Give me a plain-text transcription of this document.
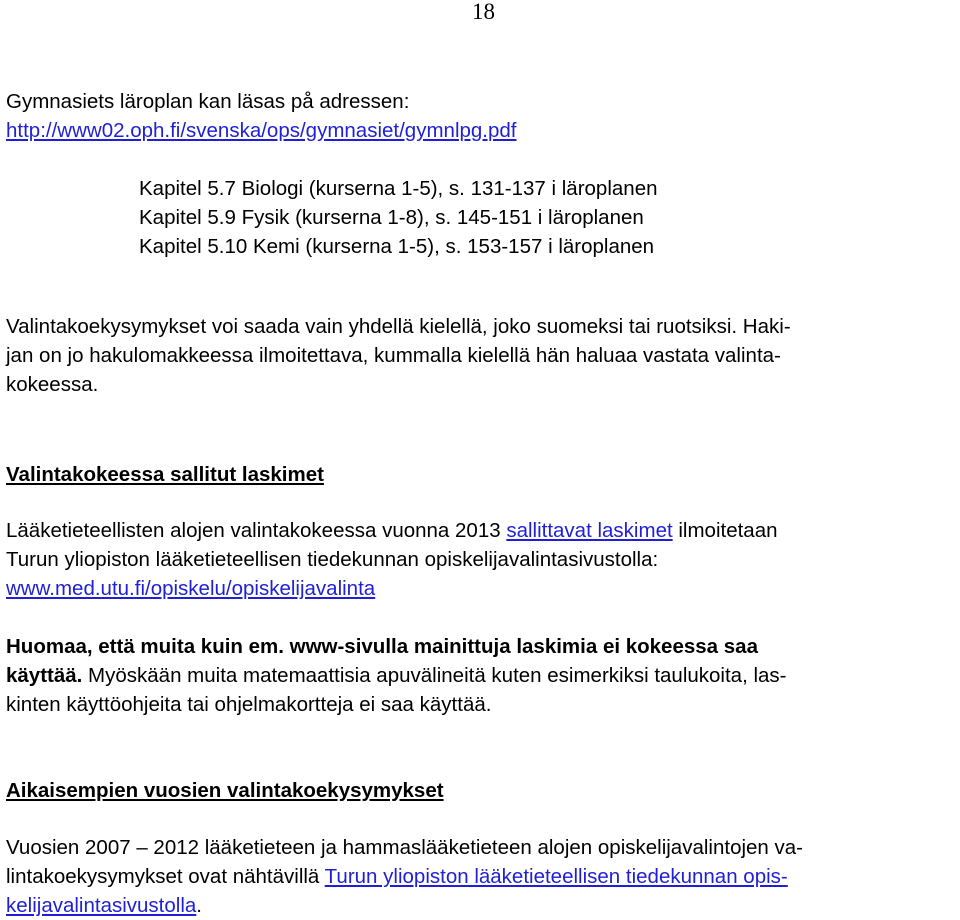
18
Gymnasiets läroplan kan läsas på adressen:
http://www02.oph.fi/svenska/ops/gymnasiet/gymnlpg.pdf
Kapitel 5.7 Biologi (kurserna 1-5), s. 131-137 i läroplanen
Kapitel 5.9 Fysik (kurserna 1-8), s. 145-151 i läroplanen
Kapitel 5.10 Kemi (kurserna 1-5), s. 153-157 i läroplanen
Valintakoekysymykset voi saada vain yhdellä kielellä, joko suomeksi tai ruotsiksi. Haki-
jan on jo hakulomakkeessa ilmoitettava, kummalla kielellä hän haluaa vastata valinta-
kokeessa.
Valintakokeessa sallitut laskimet
Lääketieteellisten alojen valintakokeessa vuonna 2013 sallittavat laskimet ilmoitetaan
Turun yliopiston lääketieteellisen tiedekunnan opiskelijavalintasivustolla:
www.med.utu.fi/opiskelu/opiskelijavalinta
Huomaa, että muita kuin em. www-sivulla mainittuja laskimia ei kokeessa saa
käyttää. Myöskään muita matemaattisia apuvälineitä kuten esimerkiksi taulukoita, las-
kinten käyttöohjeita tai ohjelmakortteja ei saa käyttää.
Aikaisempien vuosien valintakoekysymykset
Vuosien 2007 – 2012 lääketieteen ja hammaslääketieteen alojen opiskelijavalintojen va-
lintakoekysymykset ovat nähtävillä Turun yliopiston lääketieteellisen tiedekunnan opis-
kelijavalintasivustolla.
